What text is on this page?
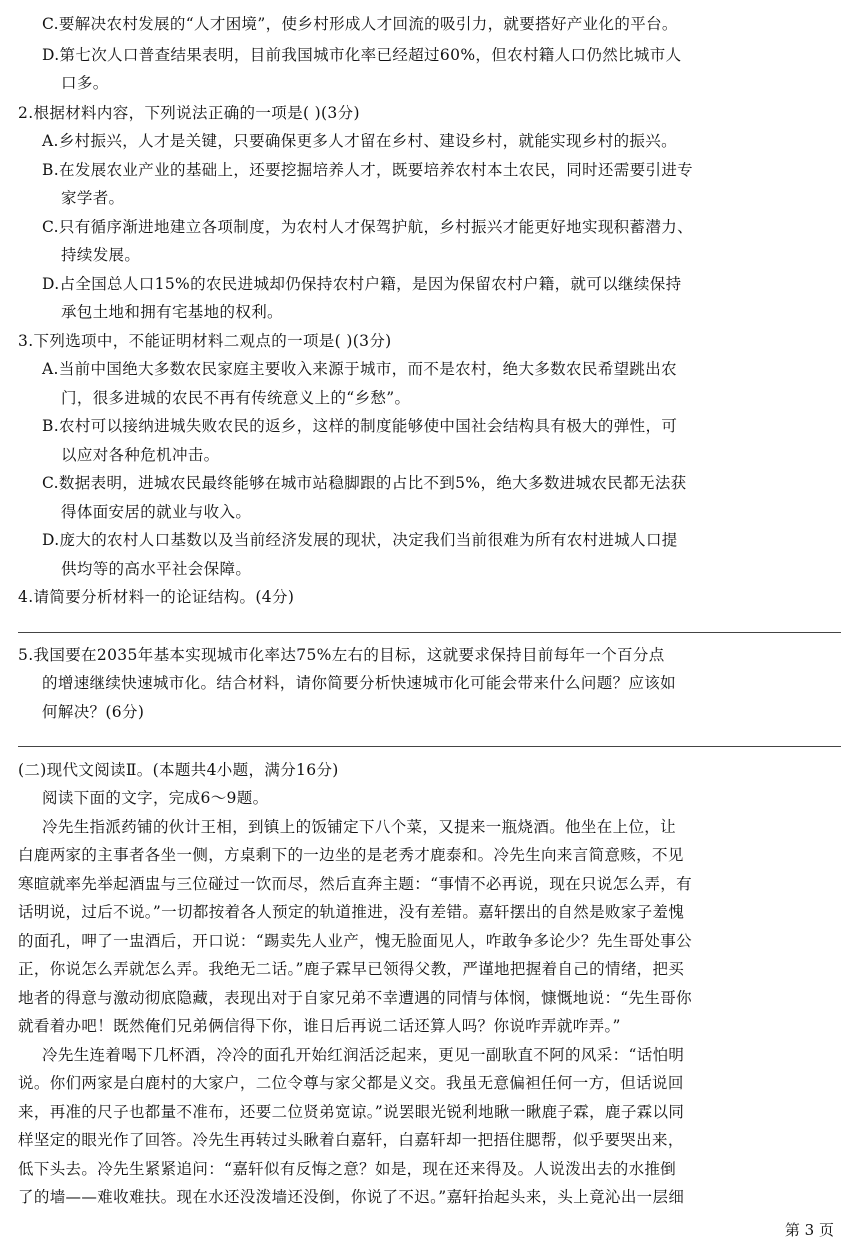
C.要解决农村发展的“人才困境”，使乡村形成人才回流的吸引力，就要搭好产业化的平台。
D.第七次人口普查结果表明，目前我国城市化率已经超过60%，但农村籍人口仍然比城市人
口多。
2.根据材料内容，下列说法正确的一项是( )(3分)
A.乡村振兴，人才是关键，只要确保更多人才留在乡村、建设乡村，就能实现乡村的振兴。
B.在发展农业产业的基础上，还要挖掘培养人才，既要培养农村本土农民，同时还需要引进专
家学者。
C.只有循序渐进地建立各项制度，为农村人才保驾护航，乡村振兴才能更好地实现积蓄潜力、
持续发展。
D.占全国总人口15%的农民进城却仍保持农村户籍，是因为保留农村户籍，就可以继续保持
承包土地和拥有宅基地的权利。
3.下列选项中，不能证明材料二观点的一项是( )(3分)
A.当前中国绝大多数农民家庭主要收入来源于城市，而不是农村，绝大多数农民希望跳出农
门，很多进城的农民不再有传统意义上的“乡愁”。
B.农村可以接纳进城失败农民的返乡，这样的制度能够使中国社会结构具有极大的弹性，可
以应对各种危机冲击。
C.数据表明，进城农民最终能够在城市站稳脚跟的占比不到5%，绝大多数进城农民都无法获
得体面安居的就业与收入。
D.庞大的农村人口基数以及当前经济发展的现状，决定我们当前很难为所有农村进城人口提
供均等的高水平社会保障。
4.请简要分析材料一的论证结构。(4分)
5.我国要在2035年基本实现城市化率达75%左右的目标，这就要求保持目前每年一个百分点
的增速继续快速城市化。结合材料，请你简要分析快速城市化可能会带来什么问题？应该如
何解决？(6分)
(二)现代文阅读Ⅱ。(本题共4小题，满分16分)
阅读下面的文字，完成6～9题。
冷先生指派药铺的伙计王相，到镇上的饭铺定下八个菜，又提来一瓶烧酒。他坐在上位，让
白鹿两家的主事者各坐一侧，方桌剩下的一边坐的是老秀才鹿泰和。冷先生向来言简意赅，不见
寒暄就率先举起酒盅与三位碰过一饮而尽，然后直奔主题：“事情不必再说，现在只说怎么弄，有
话明说，过后不说。”一切都按着各人预定的轨道推进，没有差错。嘉轩摆出的自然是败家子羞愧
的面孔，呷了一盅酒后，开口说：“踢卖先人业产，愧无脸面见人，咋敢争多论少？先生哥处事公
正，你说怎么弄就怎么弄。我绝无二话。”鹿子霖早已领得父教，严谨地把握着自己的情绪，把买
地者的得意与激动彻底隐藏，表现出对于自家兄弟不幸遭遇的同情与体悯，慷慨地说：“先生哥你
就看着办吧！既然俺们兄弟俩信得下你，谁日后再说二话还算人吗？你说咋弄就咋弄。”
冷先生连着喝下几杯酒，冷冷的面孔开始红润活泛起来，更见一副耿直不阿的风采：“话怕明
说。你们两家是白鹿村的大家户，二位令尊与家父都是义交。我虽无意偏袒任何一方，但话说回
来，再准的尺子也都量不准布，还要二位贤弟宽谅。”说罢眼光锐利地瞅一瞅鹿子霖，鹿子霖以同
样坚定的眼光作了回答。冷先生再转过头瞅着白嘉轩，白嘉轩却一把捂住腮帮，似乎要哭出来，
低下头去。冷先生紧紧追问：“嘉轩似有反悔之意？如是，现在还来得及。人说泼出去的水推倒
了的墙——难收难扶。现在水还没泼墙还没倒，你说了不迟。”嘉轩抬起头来，头上竟沁出一层细
第 3 页
